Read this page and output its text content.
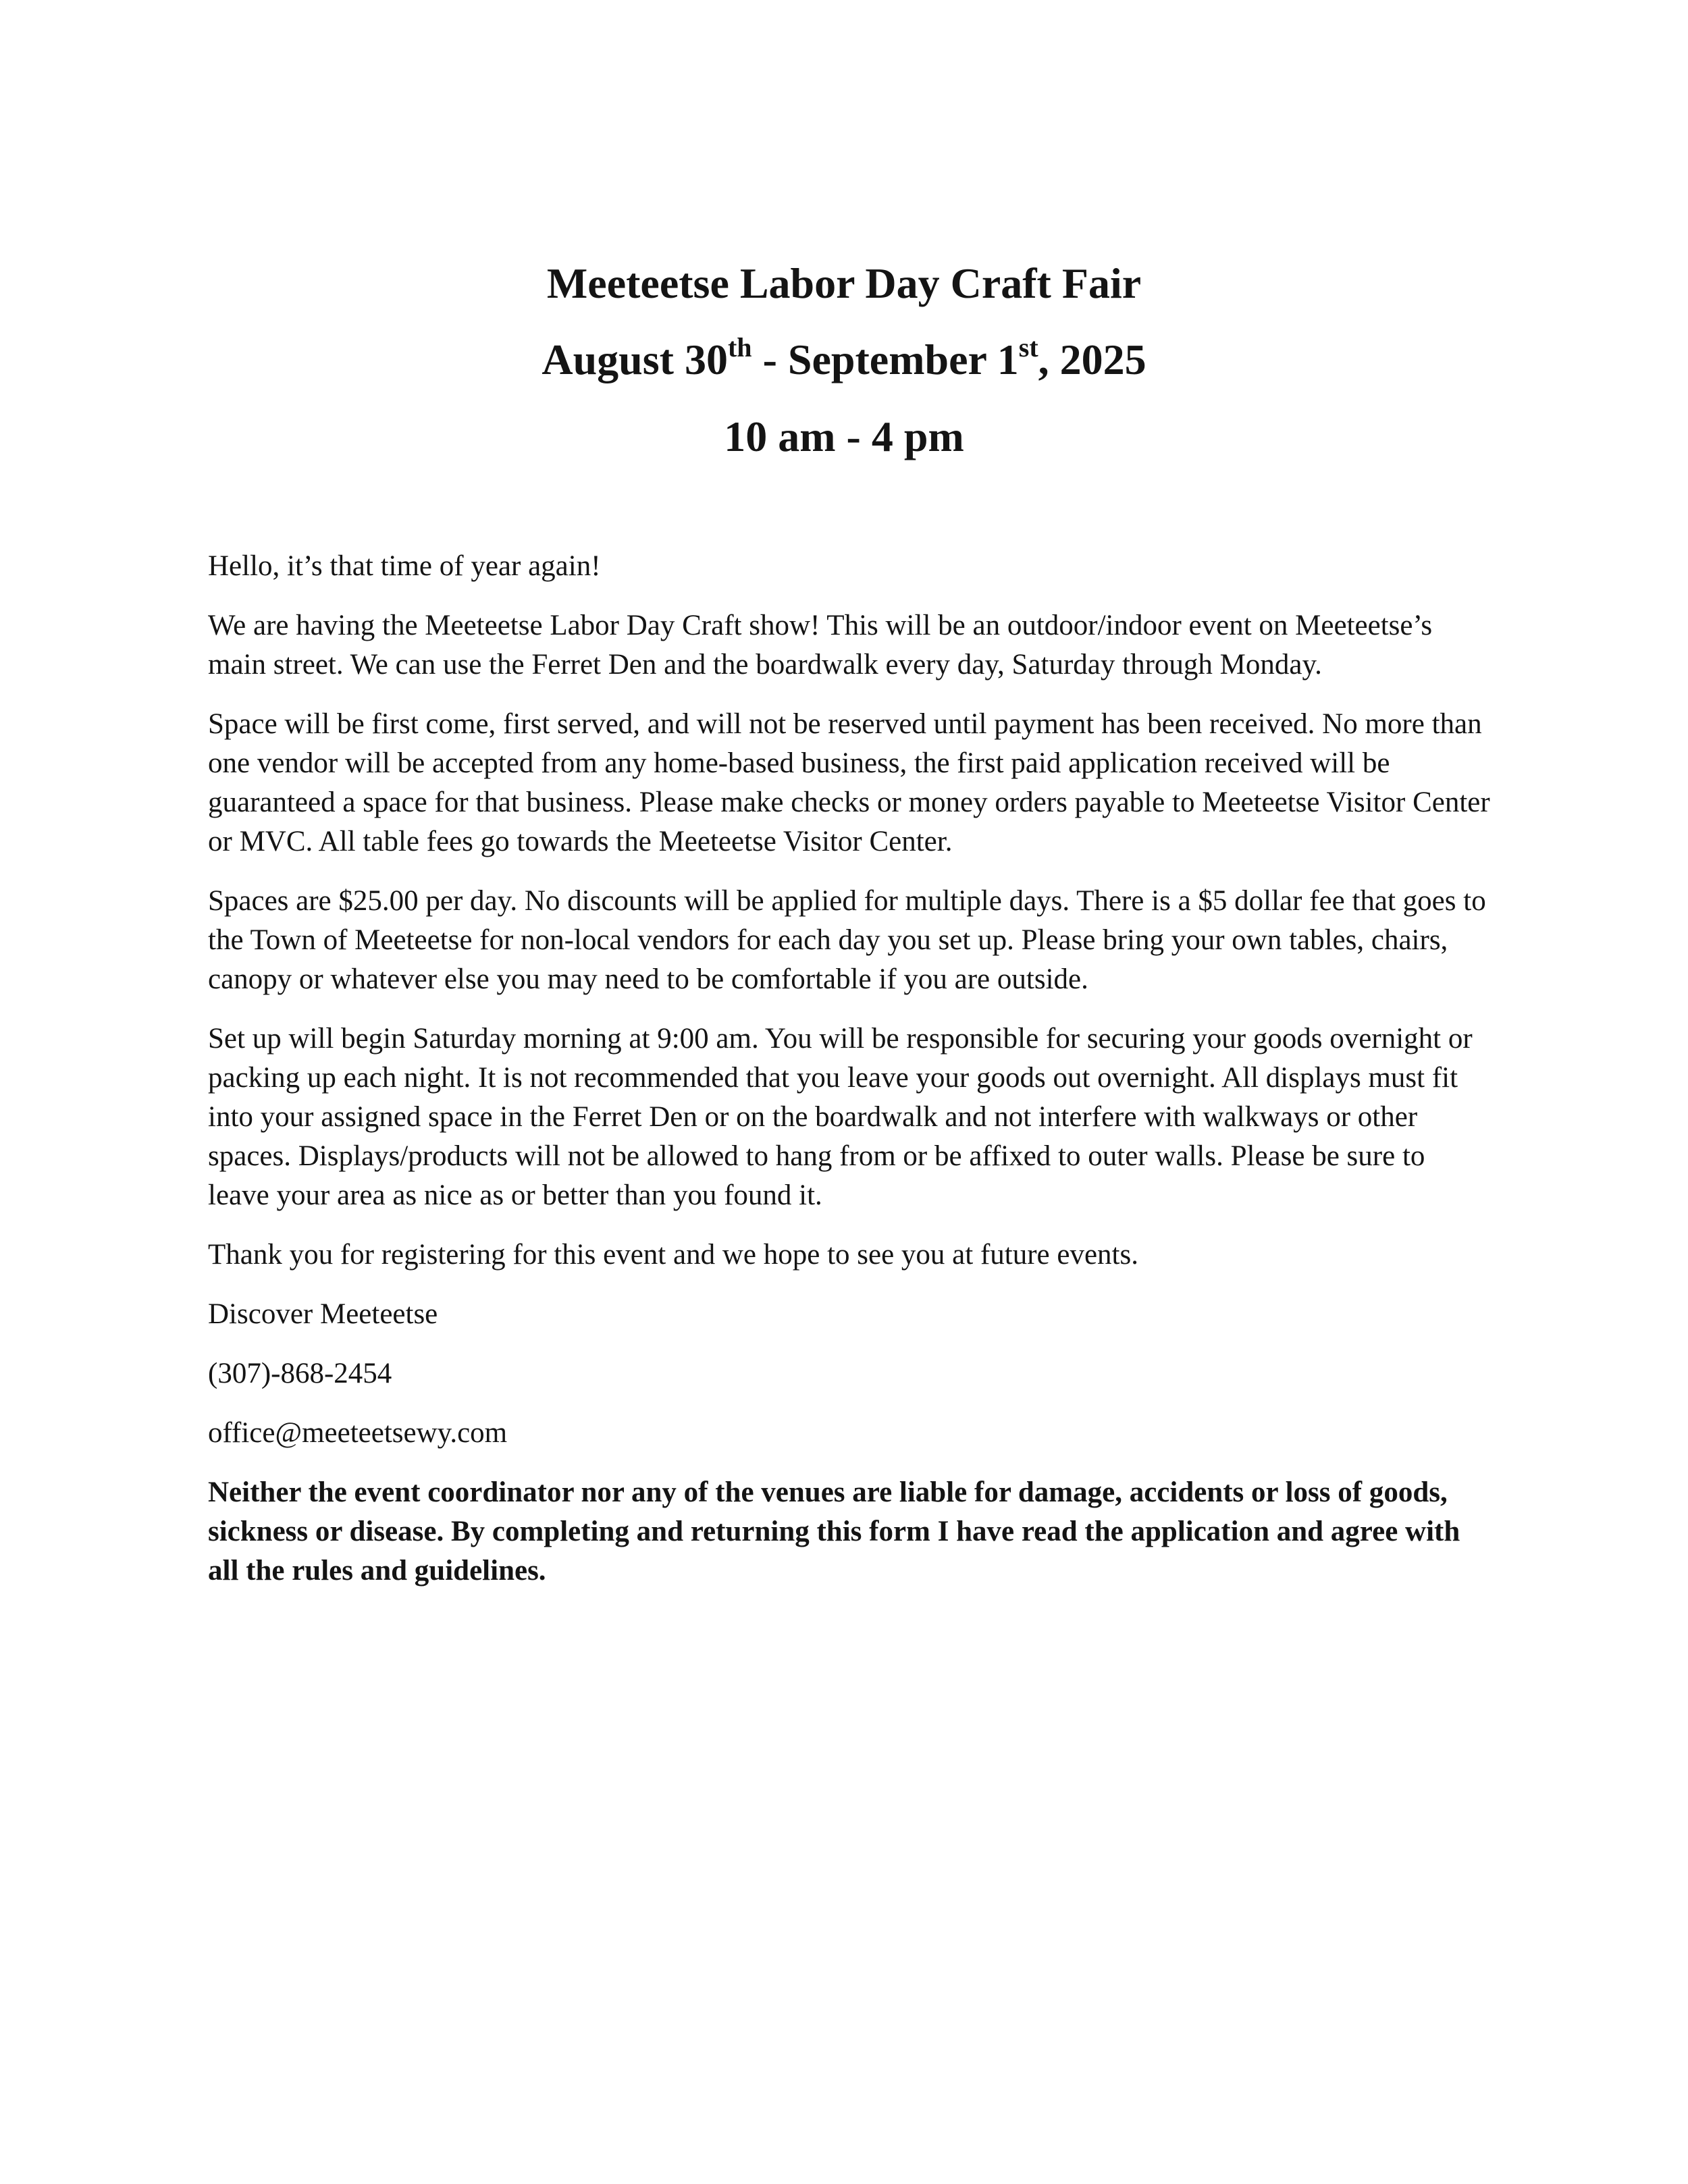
Meeteetse Labor Day Craft Fair
August 30th - September 1st, 2025
10 am - 4 pm

Hello, it’s that time of year again!

We are having the Meeteetse Labor Day Craft show! This will be an outdoor/indoor event on Meeteetse’s main street. We can use the Ferret Den and the boardwalk every day, Saturday through Monday.

Space will be first come, first served, and will not be reserved until payment has been received. No more than one vendor will be accepted from any home-based business, the first paid application received will be guaranteed a space for that business. Please make checks or money orders payable to Meeteetse Visitor Center or MVC. All table fees go towards the Meeteetse Visitor Center.

Spaces are $25.00 per day. No discounts will be applied for multiple days. There is a $5 dollar fee that goes to the Town of Meeteetse for non-local vendors for each day you set up. Please bring your own tables, chairs, canopy or whatever else you may need to be comfortable if you are outside.

Set up will begin Saturday morning at 9:00 am. You will be responsible for securing your goods overnight or packing up each night. It is not recommended that you leave your goods out overnight. All displays must fit into your assigned space in the Ferret Den or on the boardwalk and not interfere with walkways or other spaces. Displays/products will not be allowed to hang from or be affixed to outer walls. Please be sure to leave your area as nice as or better than you found it.

Thank you for registering for this event and we hope to see you at future events.

Discover Meeteetse

(307)-868-2454

office@meeteetsewy.com

Neither the event coordinator nor any of the venues are liable for damage, accidents or loss of goods, sickness or disease. By completing and returning this form I have read the application and agree with all the rules and guidelines.
